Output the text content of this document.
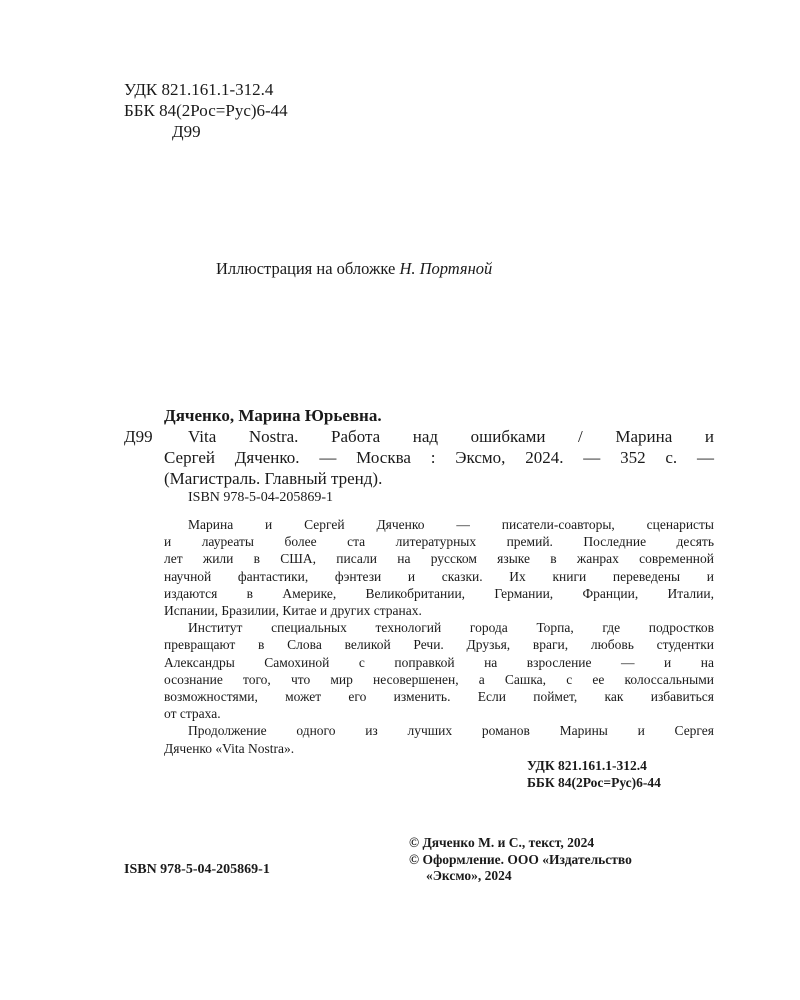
УДК 821.161.1-312.4
ББК 84(2Рос=Рус)6-44
Д99
Иллюстрация на обложке Н. Портяной
Дяченко, Марина Юрьевна.
Д99	Vita Nostra. Работа над ошибками / Марина и
Сергей Дяченко. — Москва : Эксмо, 2024. — 352 с. —
(Магистраль. Главный тренд).
ISBN 978-5-04-205869-1
Марина и Сергей Дяченко — писатели-соавторы, сценаристы
и лауреаты более ста литературных премий. Последние десять
лет жили в США, писали на русском языке в жанрах современной
научной фантастики, фэнтези и сказки. Их книги переведены и
издаются в Америке, Великобритании, Германии, Франции, Италии,
Испании, Бразилии, Китае и других странах.
Институт специальных технологий города Торпа, где подростков
превращают в Слова великой Речи. Друзья, враги, любовь студентки
Александры Самохиной с поправкой на взросление — и на
осознание того, что мир несовершенен, а Сашка, с ее колоссальными
возможностями, может его изменить. Если поймет, как избавиться
от страха.
Продолжение одного из лучших романов Марины и Сергея
Дяченко «Vita Nostra».
УДК 821.161.1-312.4
ББК 84(2Рос=Рус)6-44
© Дяченко М. и С., текст, 2024
© Оформление. ООО «Издательство
«Эксмо», 2024
ISBN 978-5-04-205869-1
